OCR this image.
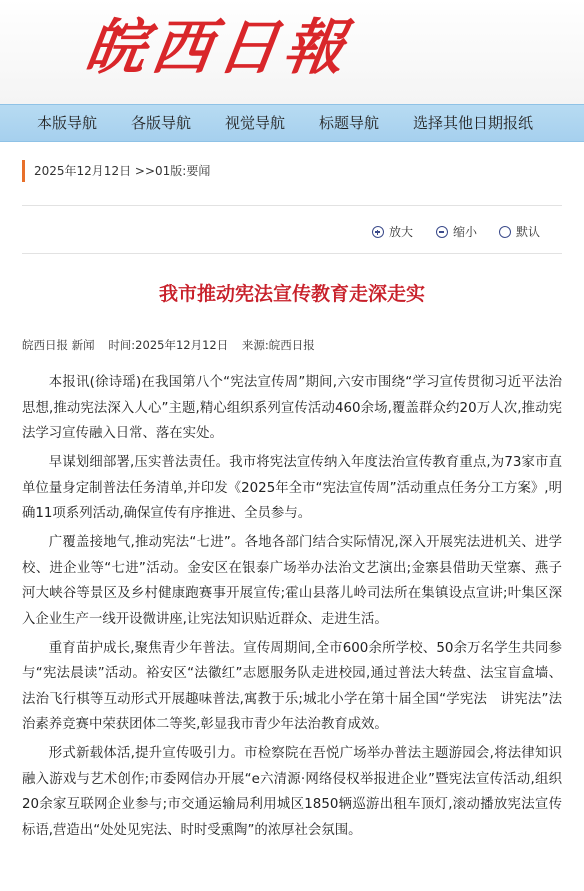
皖西日報
本版导航 各版导航 视觉导航 标题导航 选择其他日期报纸
2025年12月12日 >>01版:要闻
放大	缩小	默认
我市推动宪法宣传教育走深走实
皖西日报 新闻 时间:2025年12月12日 来源:皖西日报

本报讯(徐诗瑶)在我国第八个“宪法宣传周”期间,六安市围绕“学习宣传贯彻习近平法治思想,推动宪法深入人心”主题,精心组织系列宣传活动460余场,覆盖群众约20万人次,推动宪法学习宣传融入日常、落在实处。

早谋划细部署,压实普法责任。我市将宪法宣传纳入年度法治宣传教育重点,为73家市直单位量身定制普法任务清单,并印发《2025年全市“宪法宣传周”活动重点任务分工方案》,明确11项系列活动,确保宣传有序推进、全员参与。

广覆盖接地气,推动宪法“七进”。各地各部门结合实际情况,深入开展宪法进机关、进学校、进企业等“七进”活动。金安区在银泰广场举办法治文艺演出;金寨县借助天堂寨、燕子河大峡谷等景区及乡村健康跑赛事开展宣传;霍山县落儿岭司法所在集镇设点宣讲;叶集区深入企业生产一线开设微讲座,让宪法知识贴近群众、走进生活。

重育苗护成长,聚焦青少年普法。宣传周期间,全市600余所学校、50余万名学生共同参与“宪法晨读”活动。裕安区“法徽红”志愿服务队走进校园,通过普法大转盘、法宝盲盒墙、法治飞行棋等互动形式开展趣味普法,寓教于乐;城北小学在第十届全国“学宪法　讲宪法”法治素养竞赛中荣获团体二等奖,彰显我市青少年法治教育成效。

形式新载体活,提升宣传吸引力。市检察院在吾悦广场举办普法主题游园会,将法律知识融入游戏与艺术创作;市委网信办开展“e六清源·网络侵权举报进企业”暨宪法宣传活动,组织20余家互联网企业参与;市交通运输局利用城区1850辆巡游出租车顶灯,滚动播放宪法宣传标语,营造出“处处见宪法、时时受熏陶”的浓厚社会氛围。
